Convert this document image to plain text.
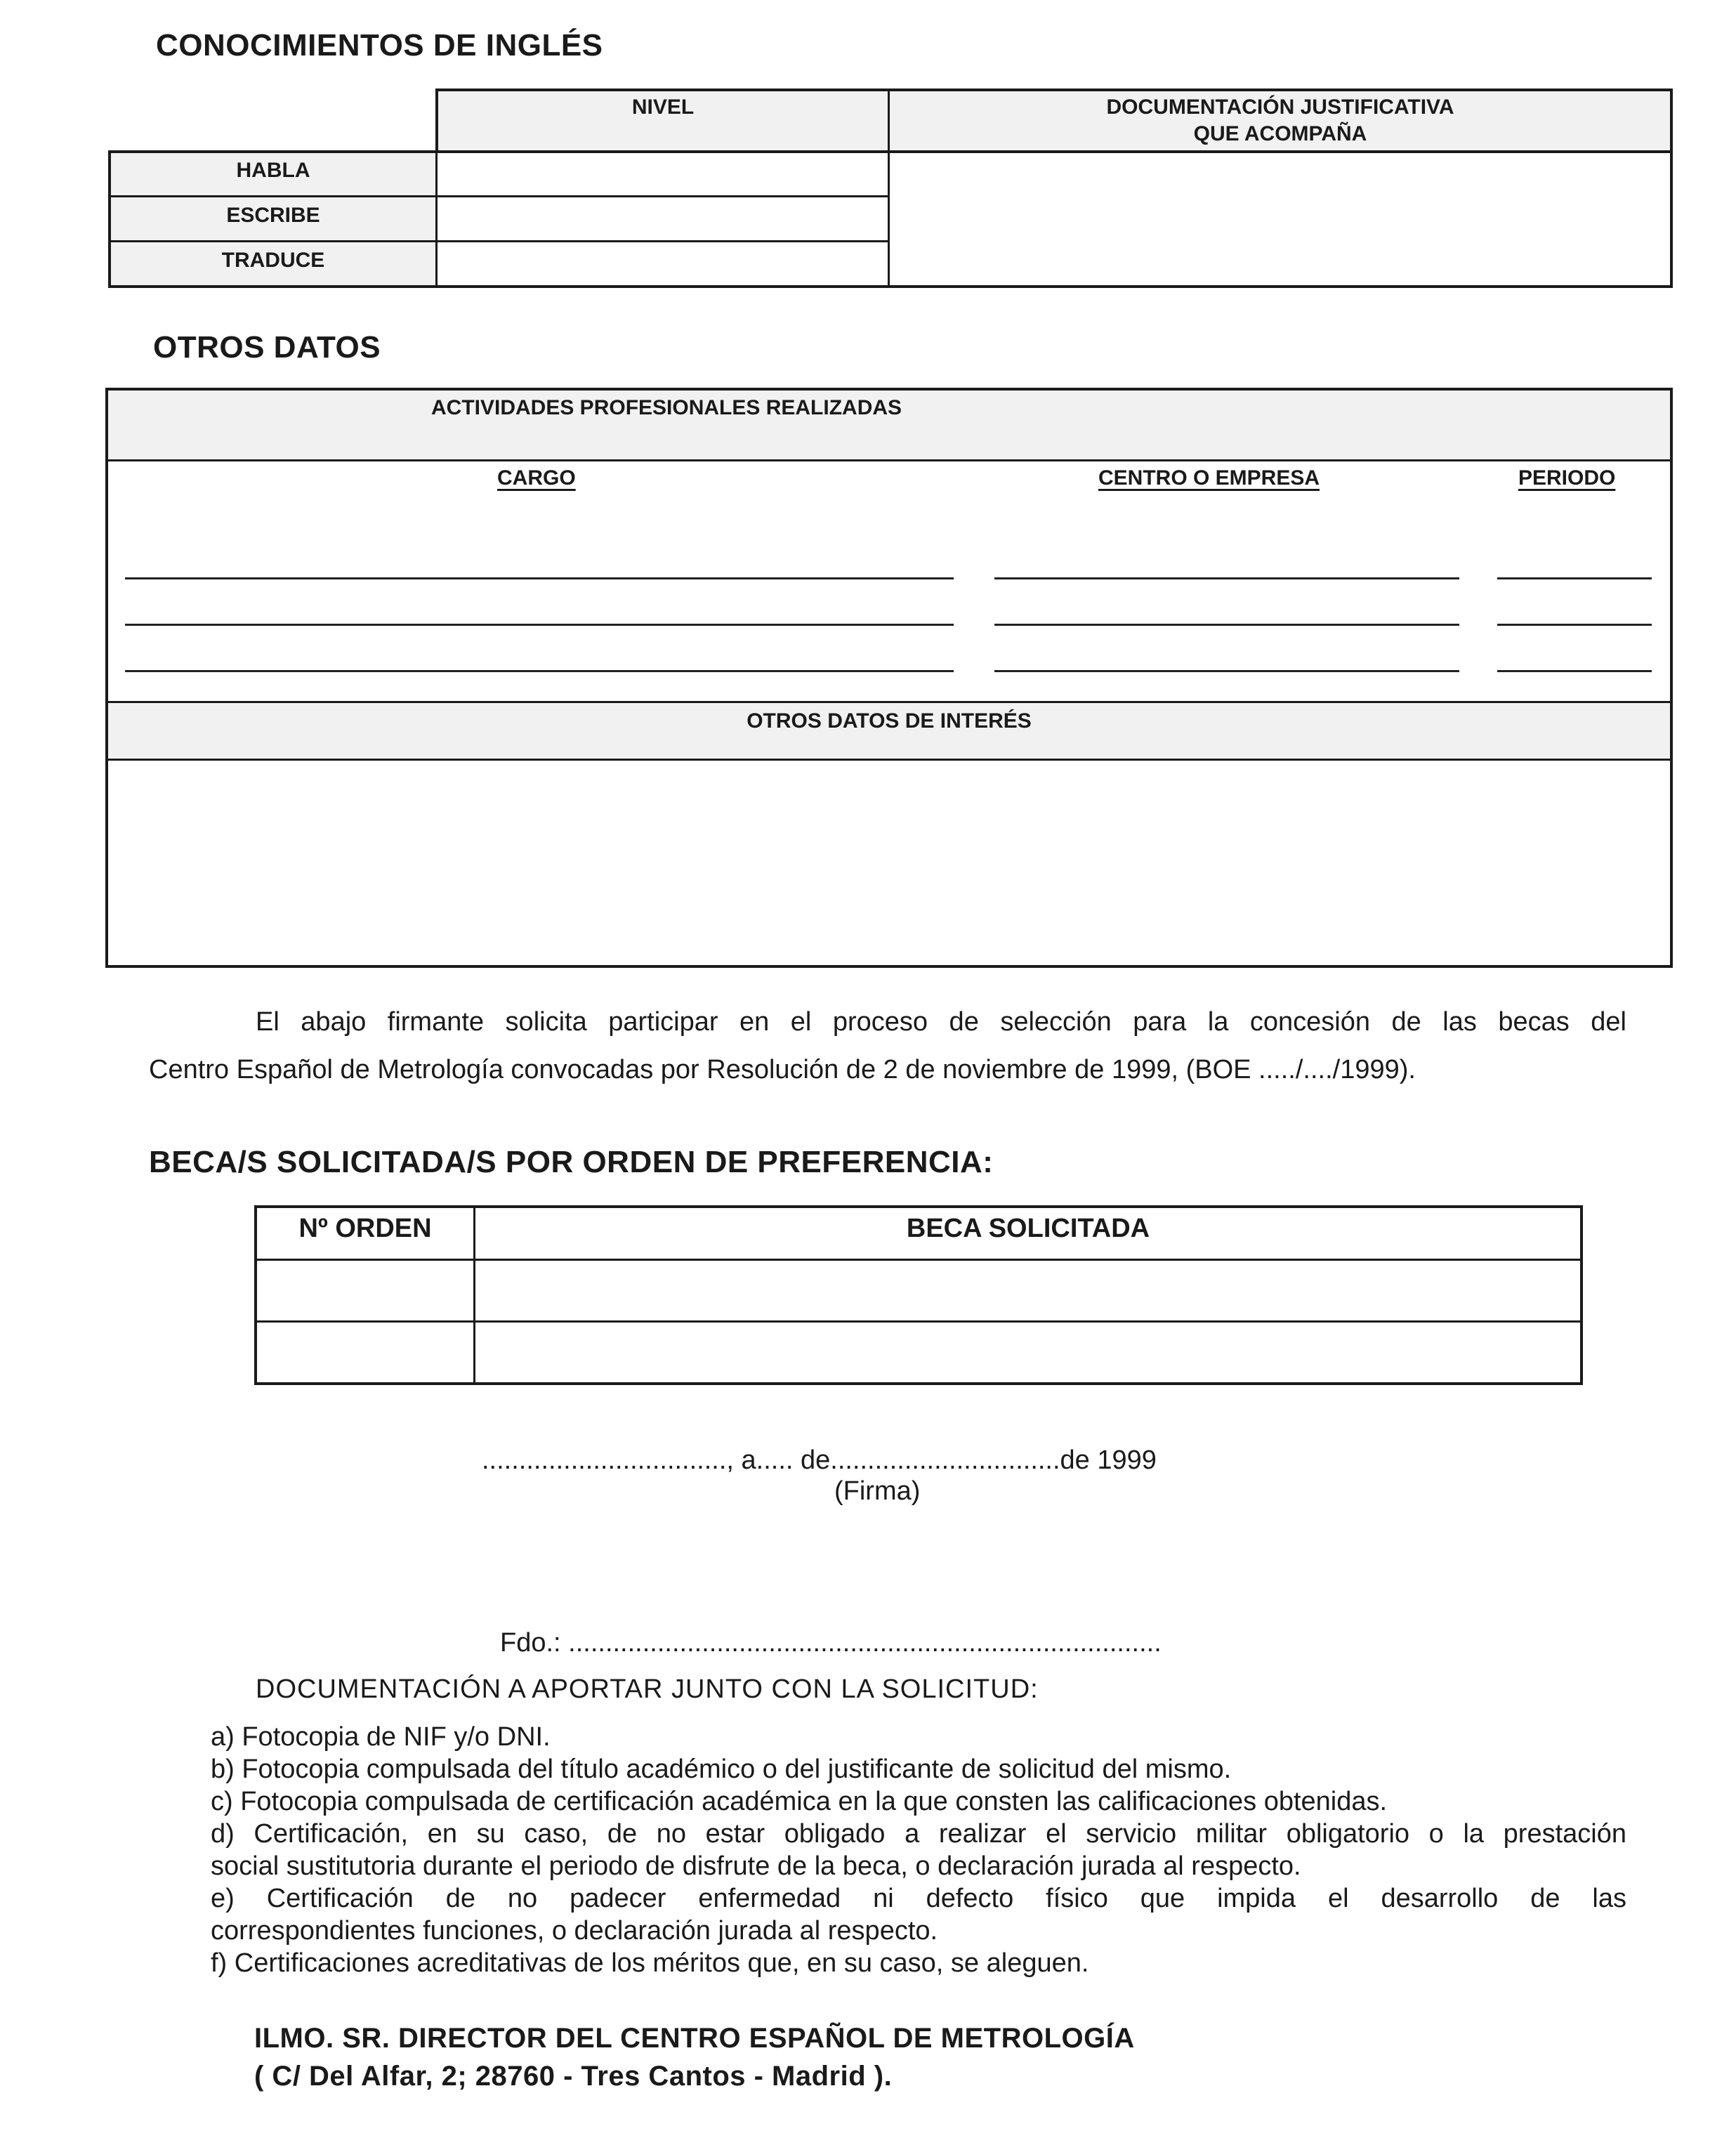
CONOCIMIENTOS DE INGLÉS
NIVEL	DOCUMENTACIÓN JUSTIFICATIVA
QUE ACOMPAÑA
HABLA
ESCRIBE
TRADUCE
OTROS DATOS
ACTIVIDADES PROFESIONALES REALIZADAS
CARGO	CENTRO O EMPRESA	PERIODO
OTROS DATOS DE INTERÉS
El abajo firmante solicita participar en el proceso de selección para la concesión de las becas del
Centro Español de Metrología convocadas por Resolución de 2 de noviembre de 1999, (BOE ...../..../1999).
BECA/S SOLICITADA/S POR ORDEN DE PREFERENCIA:
Nº ORDEN	BECA SOLICITADA
................................., a..... de...............................de 1999
(Firma)
Fdo.: ................................................................................
DOCUMENTACIÓN A APORTAR JUNTO CON LA SOLICITUD:
a) Fotocopia de NIF y/o DNI.
b) Fotocopia compulsada del título académico o del justificante de solicitud del mismo.
c) Fotocopia compulsada de certificación académica en la que consten las calificaciones obtenidas.
d) Certificación, en su caso, de no estar obligado a realizar el servicio militar obligatorio o la prestación
social sustitutoria durante el periodo de disfrute de la beca, o declaración jurada al respecto.
e) Certificación de no padecer enfermedad ni defecto físico que impida el desarrollo de las
correspondientes funciones, o declaración jurada al respecto.
f) Certificaciones acreditativas de los méritos que, en su caso, se aleguen.
ILMO. SR. DIRECTOR DEL CENTRO ESPAÑOL DE METROLOGÍA
( C/ Del Alfar, 2; 28760 - Tres Cantos - Madrid ).
